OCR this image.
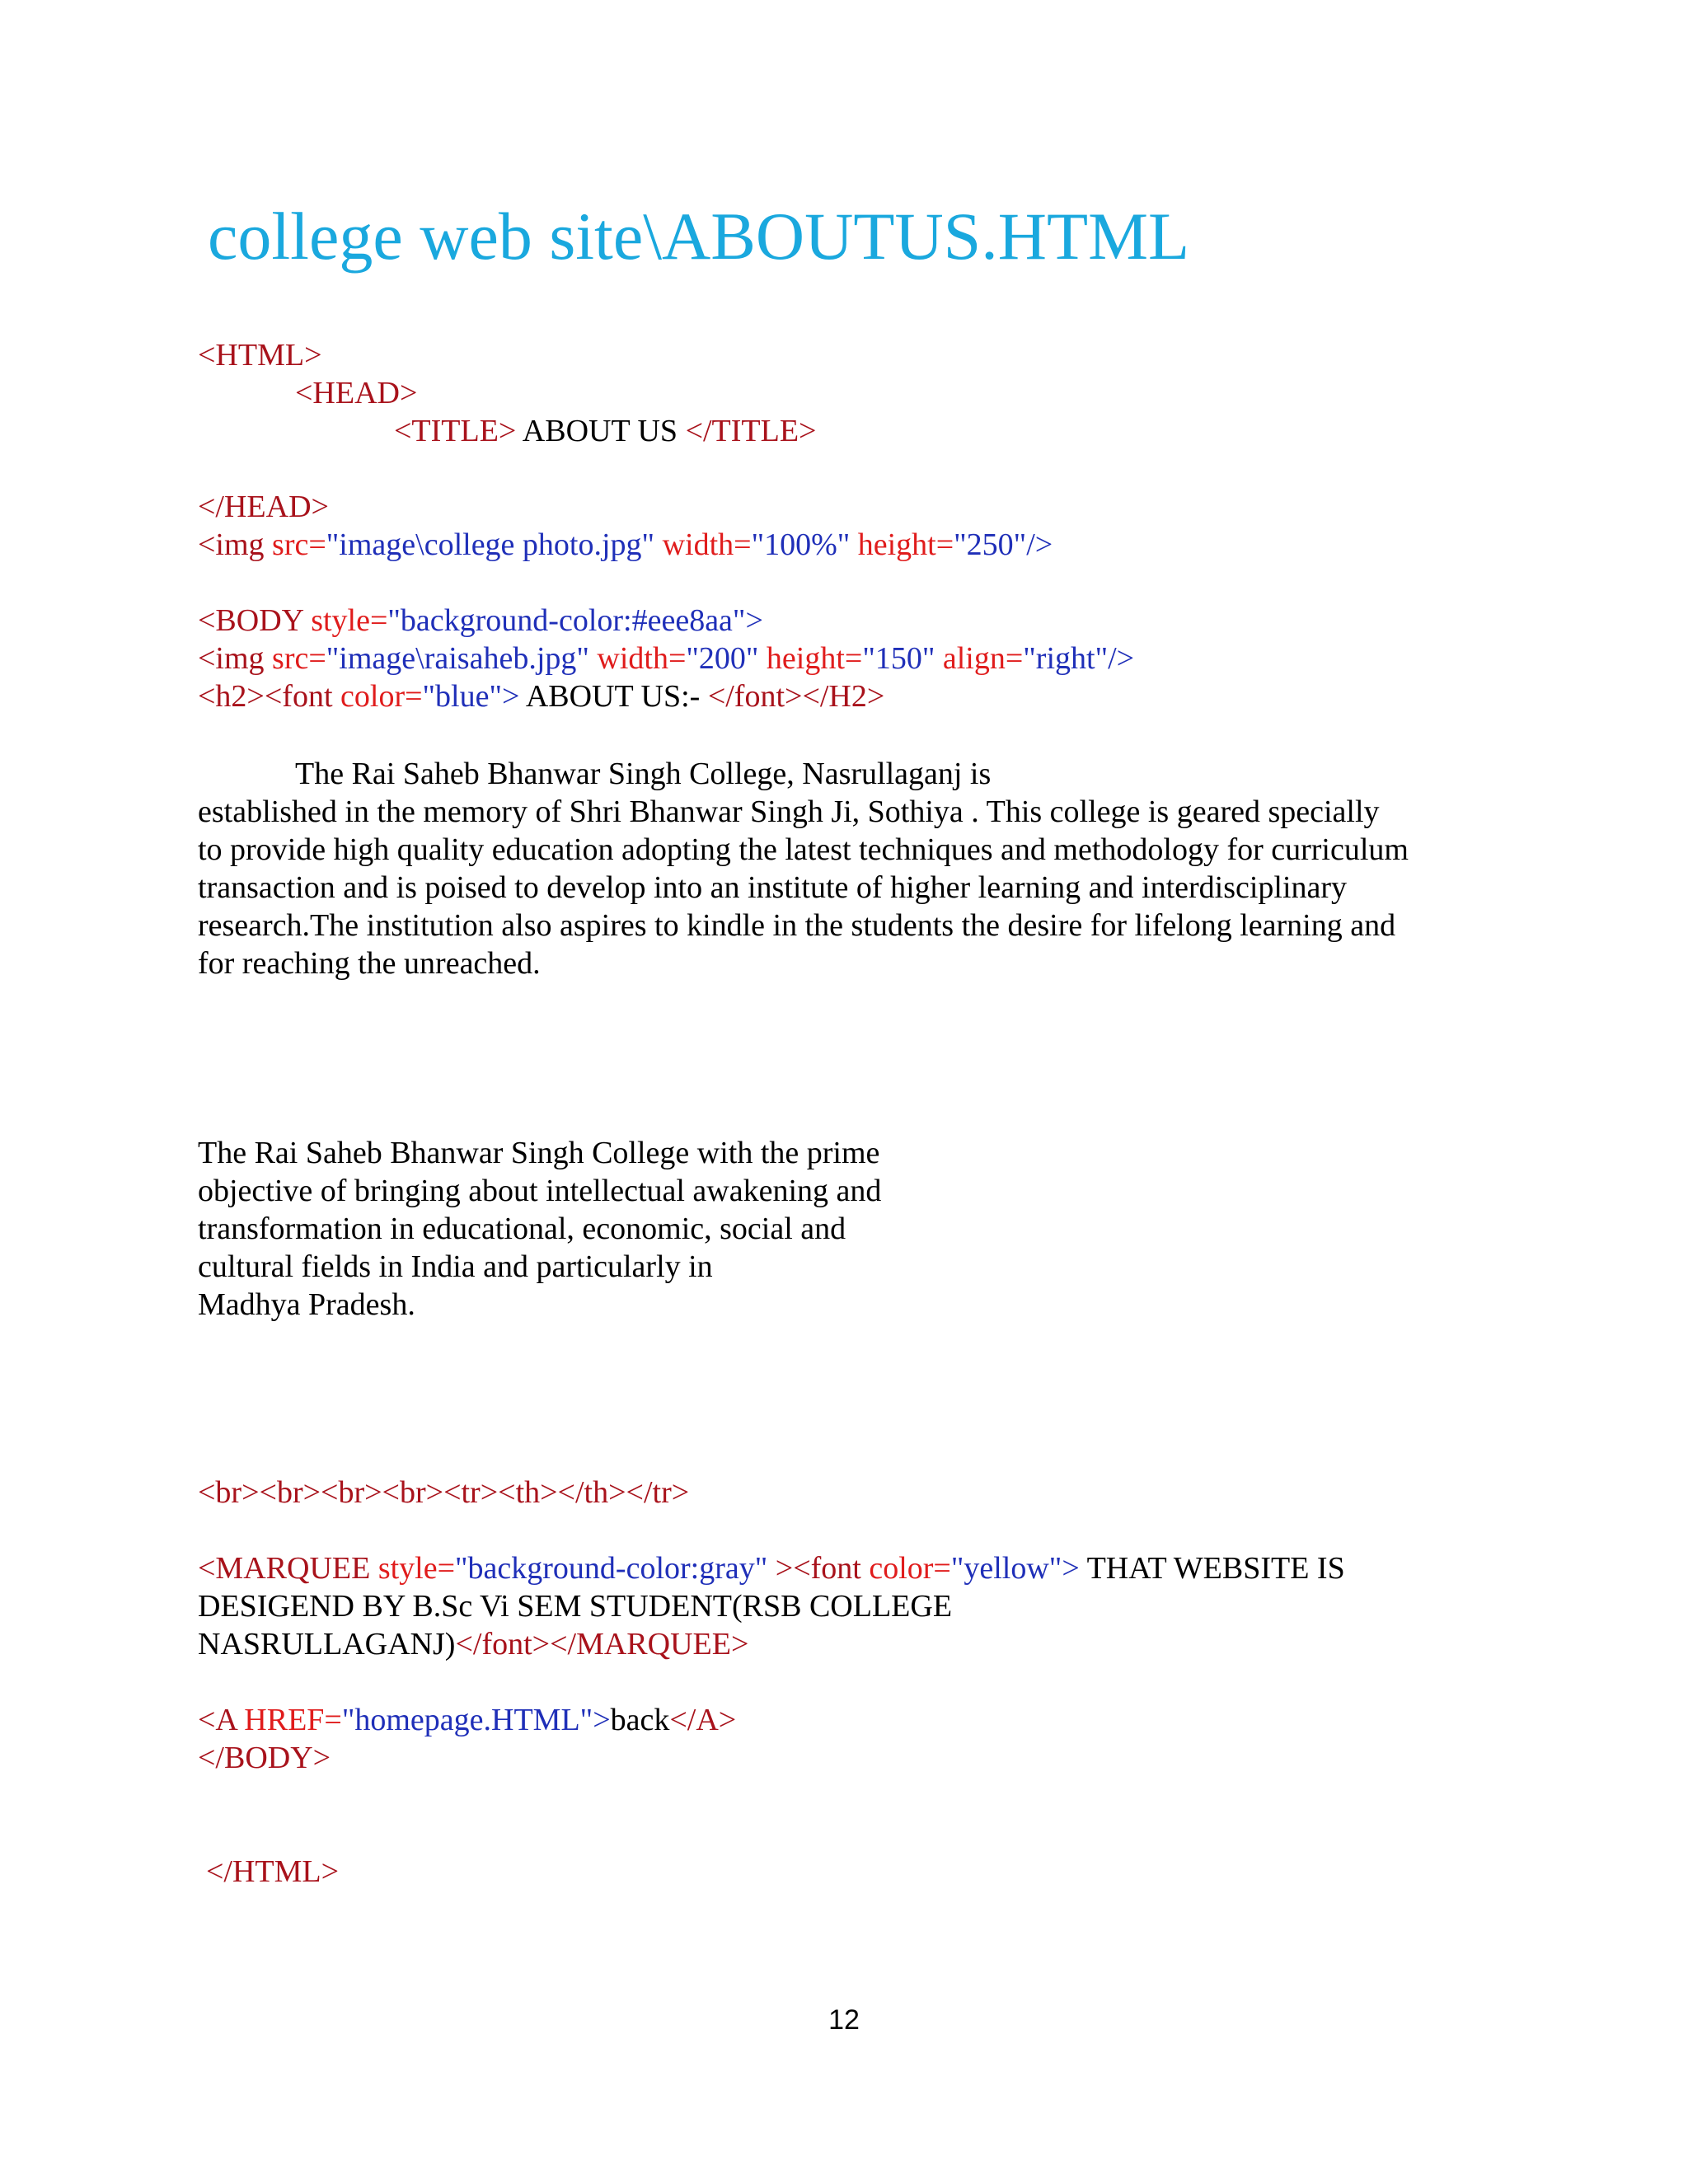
college web site\ABOUTUS.HTML
<HTML>
<HEAD>
<TITLE> ABOUT US </TITLE>
</HEAD>
<img src="image\college photo.jpg" width="100%" height="250"/>
<BODY style="background-color:#eee8aa">
<img src="image\raisaheb.jpg" width="200" height="150" align="right"/>
<h2><font color="blue"> ABOUT US:- </font></H2>
The Rai Saheb Bhanwar Singh College, Nasrullaganj is
established in the memory of Shri Bhanwar Singh Ji, Sothiya . This college is geared specially
to provide high quality education adopting the latest techniques and methodology for curriculum
transaction and is poised to develop into an institute of higher learning and interdisciplinary
research.The institution also aspires to kindle in the students the desire for lifelong learning and
for reaching the unreached.
The Rai Saheb Bhanwar Singh College with the prime
objective of bringing about intellectual awakening and
transformation in educational, economic, social and
cultural fields in India and particularly in
Madhya Pradesh.
<br><br><br><br><tr><th></th></tr>
<MARQUEE style="background-color:gray" ><font color="yellow"> THAT WEBSITE IS
DESIGEND BY B.Sc Vi SEM STUDENT(RSB COLLEGE
NASRULLAGANJ)</font></MARQUEE>
<A HREF="homepage.HTML">back</A>
</BODY>
</HTML>
12
